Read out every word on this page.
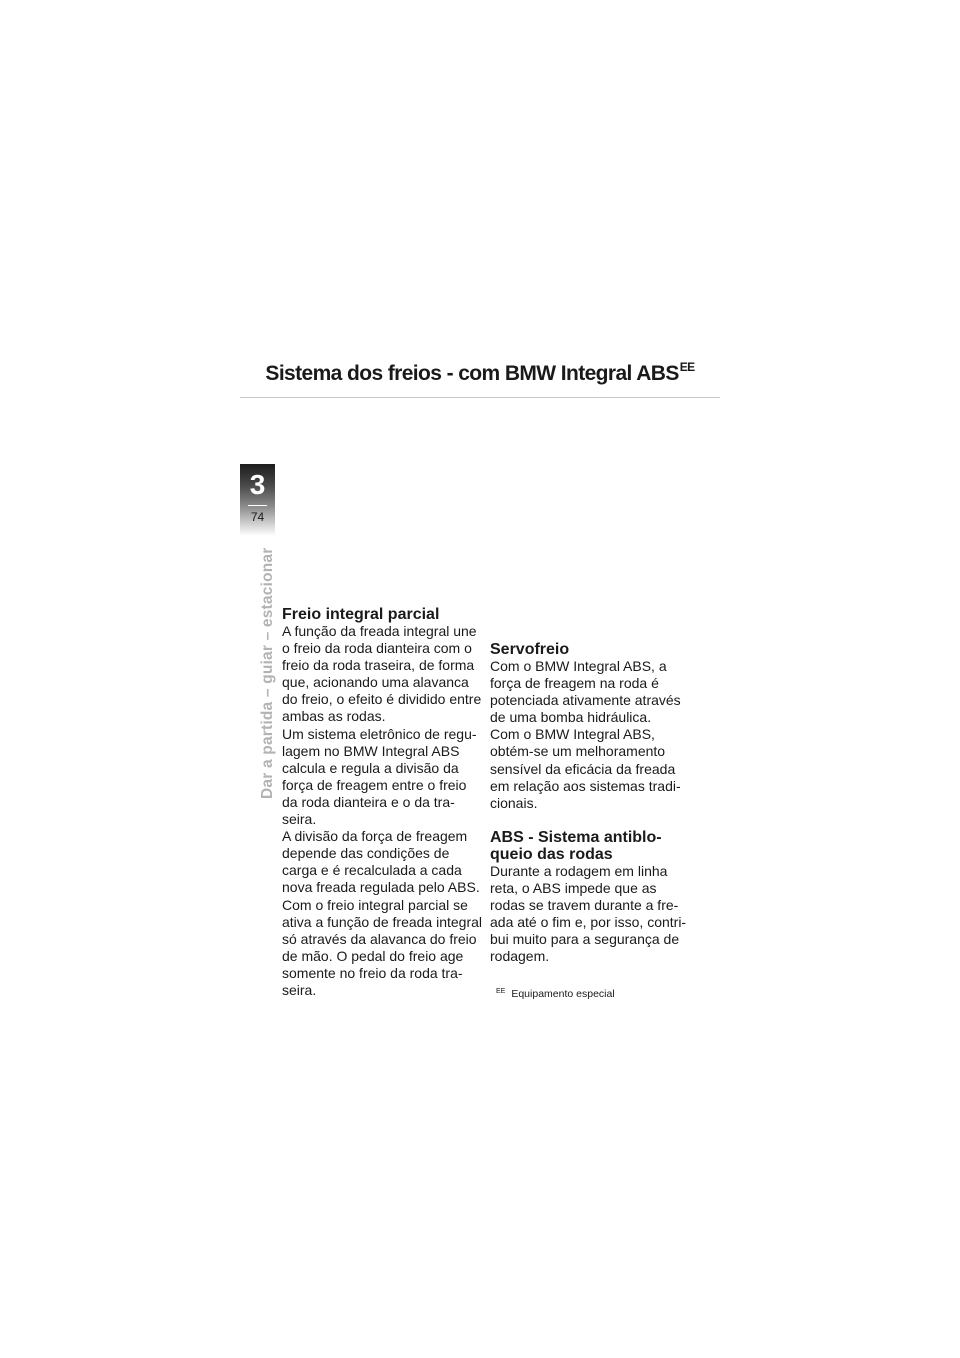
Sistema dos freios - com BMW Integral $ABS^{EE}$
3
74
Dar a partida – guiar – estacionar Freio integral parcial

A função da freada integral une
o freio da roda dianteira com o
freio da roda traseira, de forma
que, acionando uma alavanca
do freio, o efeito é dividido entre
ambas as rodas.
Um sistema eletrônico de regu-
lagem no BMW Integral ABS
calcula e regula a divisão da
força de freagem entre o freio
da roda dianteira e o da tra-
seira.
A divisão da força de freagem
depende das condições de
carga e é recalculada a cada
nova freada regulada pelo ABS.
Com o freio integral parcial se
ativa a função de freada integral
só através da alavanca do freio
de mão. O pedal do freio age
somente no freio da roda tra-
seira.

Servofreio

Com o BMW Integral ABS, a
força de freagem na roda é
potenciada ativamente através
de uma bomba hidráulica.
Com o BMW Integral ABS,
obtém-se um melhoramento
sensível da eficácia da freada
em relação aos sistemas tradi-
cionais.

ABS - Sistema antiblo-
queio das rodas

Durante a rodagem em linha
reta, o ABS impede que as
rodas se travem durante a fre-
ada até o fim e, por isso, contri-
bui muito para a segurança de
rodagem.

$^{EE}$ Equipamento especial
